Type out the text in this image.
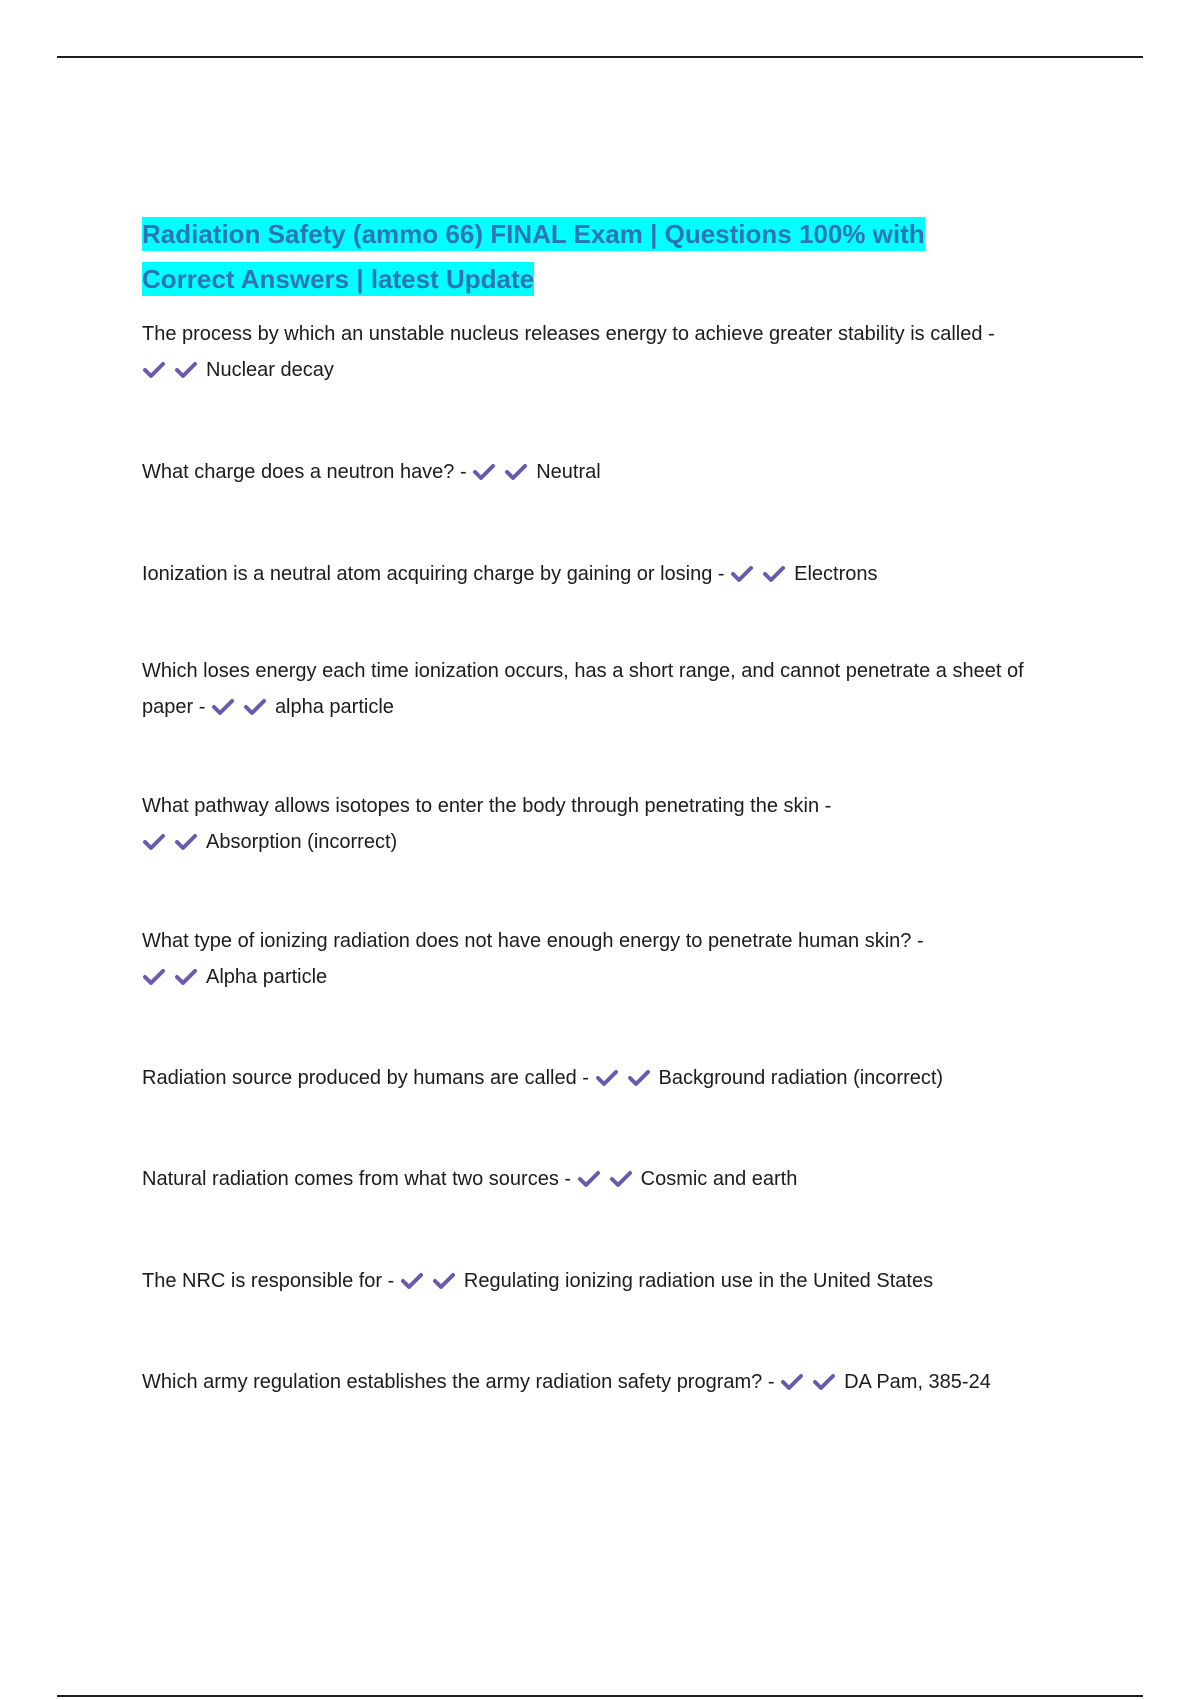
Radiation Safety (ammo 66) FINAL Exam | Questions 100% with
Correct Answers | latest Update
The process by which an unstable nucleus releases energy to achieve greater stability is called -

Nuclear decay
What charge does a neutron have? -	Neutral
Ionization is a neutral atom acquiring charge by gaining or losing -	Electrons
Which loses energy each time ionization occurs, has a short range, and cannot penetrate a sheet of paper -	alpha particle
What pathway allows isotopes to enter the body through penetrating the skin -

Absorption (incorrect)
What type of ionizing radiation does not have enough energy to penetrate human skin? -

Alpha particle
Radiation source produced by humans are called -	Background radiation (incorrect)
Natural radiation comes from what two sources -	Cosmic and earth
The NRC is responsible for -	Regulating ionizing radiation use in the United States
Which army regulation establishes the army radiation safety program? -	DA Pam, 385-24
